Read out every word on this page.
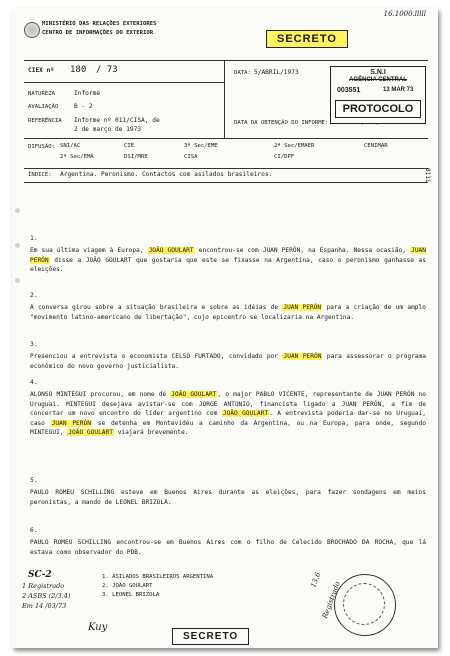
16.1000.lllll
MINISTÉRIO DAS RELAÇÕES EXTERIORES
CENTRO DE INFORMAÇÕES DO EXTERIOR	SECRETO
CIEX nº 180 / 73	DATA: 5/ABRIL/1973
NATUREZA	Informe
AVALIAÇÃO	B - 2
REFERÊNCIA Informe nº 011/CISA, de
2 de março de 1973
DATA DA OBTENÇÃO DO INFORME:
DIFUSÃO: SNI/AC	CIE	3ª Sec/EME	2ª Sec/EMAER	CENIMAR
2ª Sec/EMA	DSI/MRE	CISA	CI/DPF
ÍNDICE: Argentina. Peronismo. Contactos com asilados brasileiros.
S.N.I
AGÊNCIA CENTRAL
003551	13 MAR 73
PROTOCOLO
0111
1.
Em sua última viagem à Europa, JOÃO GOULART encontrou-se com JUAN PERÓN, na Espanha. Nessa ocasião, JUAN PERÓN disse a JOÃO GOULART que gostaria que este se fixasse na Argentina, caso o peronismo ganhasse as eleições.
2.
A conversa girou sobre a situação brasileira e sobre as idéias de JUAN PERÓN para a criação de um amplo "movimento latino-americano de libertação", cujo epicentro se localizaria na Argentina.
3.
Presenciou a entrevista o economista CELSO FURTADO, convidado por JUAN PERÓN para assessorar o programa econômico do novo governo justicialista.
4.
ALONSO MINTEGUI procurou, em nome de JOÃO GOULART, o major PABLO VICENTE, representante de JUAN PERÓN no Uruguai. MINTEGUI desejava avistar-se com JORGE ANTONIO, financista ligado a JUAN PERÓN, a fim de concertar um novo encontro do líder argentino com JOÃO GOULART. A entrevista poderia dar-se no Uruguai, caso JUAN PERÓN se detenha em Montevidéu a caminho da Argentina, ou na Europa, para onde, segundo MINTEGUI, JOÃO GOULART viajará brevemente.
5.
PAULO ROMEU SCHILLING esteve em Buenos Aires durante as eleições, para fazer sondagens em meios peronistas, a mando de LEONEL BRIZOLA.
6.
PAULO ROMEU SCHILLING encontrou-se em Buenos Aires com o filho de Celecido BROCHADO DA ROCHA, que lá estava como observador do PDB.
SC-2
1 Registrado
2 ASBS (2/3.4)
Em 14 /03/73
Kuy
1. ASILADOS BRASILEIROS ARGENTINA
2. JOÃO GOULART
3. LEONEL BRIZOLA
13.6
Registrado
SECRETO
